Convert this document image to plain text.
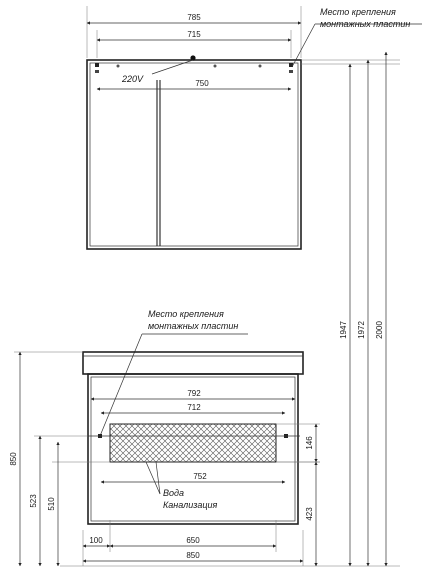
785
715
220V	750
Место крепления
монтажных пластин
1947 1972 2000
Место крепления
монтажных пластин
792
712
146
752
Вода
Канализация
423
850
523 510
100	650
850
